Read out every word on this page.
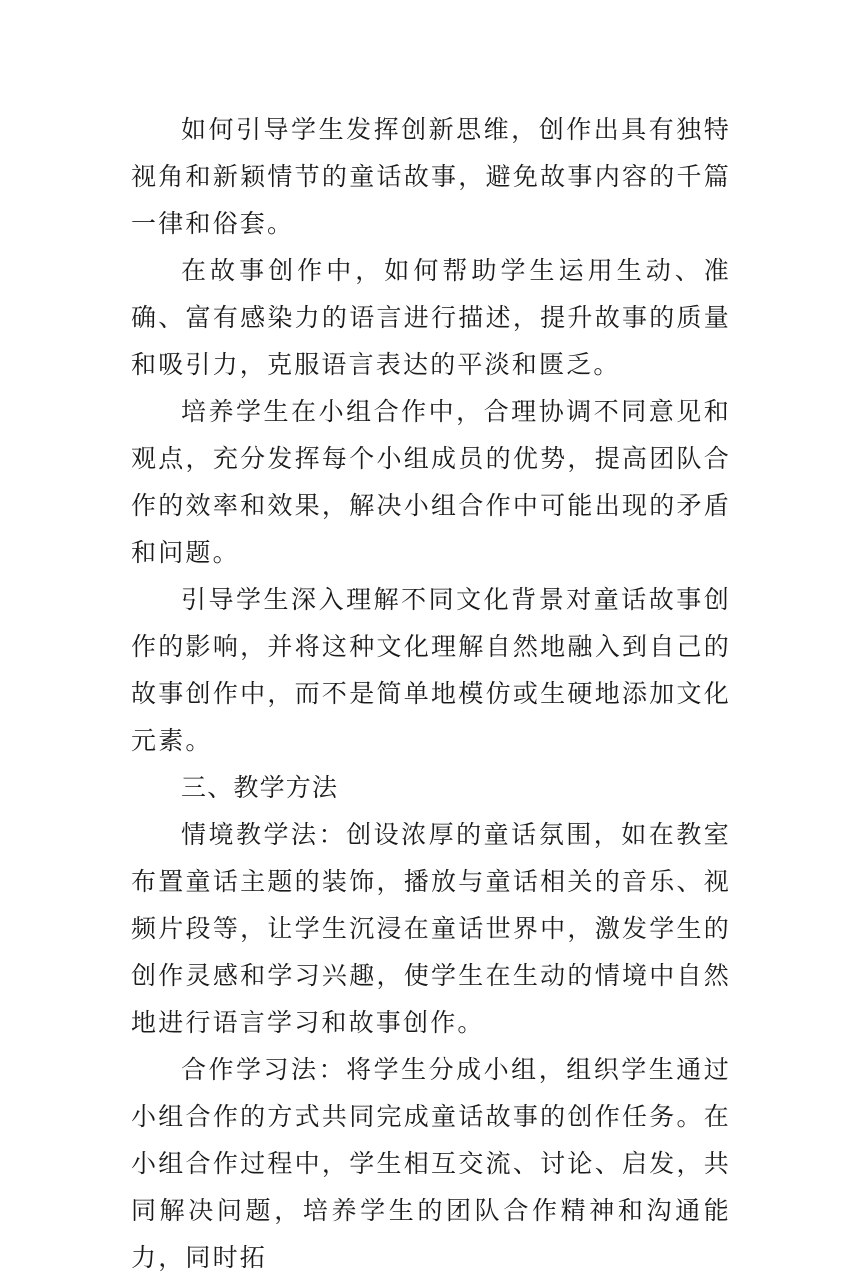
如何引导学生发挥创新思维，创作出具有独特视角和新颖情节的童话故事，避免故事内容的千篇一律和俗套。

在故事创作中，如何帮助学生运用生动、准确、富有感染力的语言进行描述，提升故事的质量和吸引力，克服语言表达的平淡和匮乏。

培养学生在小组合作中，合理协调不同意见和观点，充分发挥每个小组成员的优势，提高团队合作的效率和效果，解决小组合作中可能出现的矛盾和问题。

引导学生深入理解不同文化背景对童话故事创作的影响，并将这种文化理解自然地融入到自己的故事创作中，而不是简单地模仿或生硬地添加文化元素。

三、教学方法

情境教学法：创设浓厚的童话氛围，如在教室布置童话主题的装饰，播放与童话相关的音乐、视频片段等，让学生沉浸在童话世界中，激发学生的创作灵感和学习兴趣，使学生在生动的情境中自然地进行语言学习和故事创作。

合作学习法：将学生分成小组，组织学生通过小组合作的方式共同完成童话故事的创作任务。在小组合作过程中，学生相互交流、讨论、启发，共同解决问题，培养学生的团队合作精神和沟通能力，同时拓
